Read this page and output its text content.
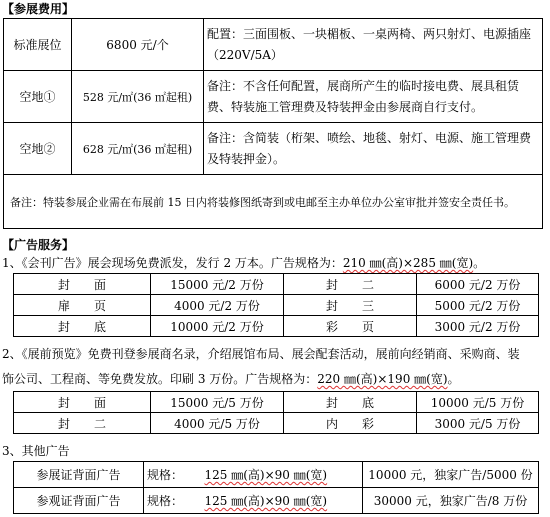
【参展费用】
标准展位	6800 元/个	配置：三面围板、一块楣板、一桌两椅、两只射灯、电源插座（220V/5A）
空地①	528 元/㎡(36 ㎡起租)	备注：不含任何配置，展商所产生的临时接电费、展具租赁费、特装施工管理费及特装押金由参展商自行支付。
空地②	628 元/㎡(36 ㎡起租)	备注：含简装（桁架、喷绘、地毯、射灯、电源、施工管理费及特装押金）。
备注：特装参展企业需在布展前 15 日内将装修图纸寄到或电邮至主办单位办公室审批并签安全责任书。		
【广告服务】
1、《会刊广告》展会现场免费派发，发行 2 万本。广告规格为：210 ㎜(高)×285 ㎜(宽)。
封　　面	15000 元/2 万份	封　　二	6000 元/2 万份
扉　　页	4000 元/2 万份	封　　三	5000 元/2 万份
封　　底	10000 元/2 万份	彩　　页	3000 元/2 万份
2、《展前预览》免费刊登参展商名录，介绍展馆布局、展会配套活动，展前向经销商、采购商、装
饰公司、工程商、等免费发放。印刷 3 万份。广告规格为：220 ㎜(高)×190 ㎜(宽)。
封　　面	15000 元/5 万份	封　　底	10000 元/5 万份
封　　二	4000 元/5 万份	内　　彩	3000 元/5 万份
3、其他广告
参展证背面广告	规格：	125 ㎜(高)×90 ㎜(宽)	10000 元，独家广告/5000 份
参观证背面广告	规格：	125 ㎜(高)×90 ㎜(宽)	30000 元，独家广告/8 万份
